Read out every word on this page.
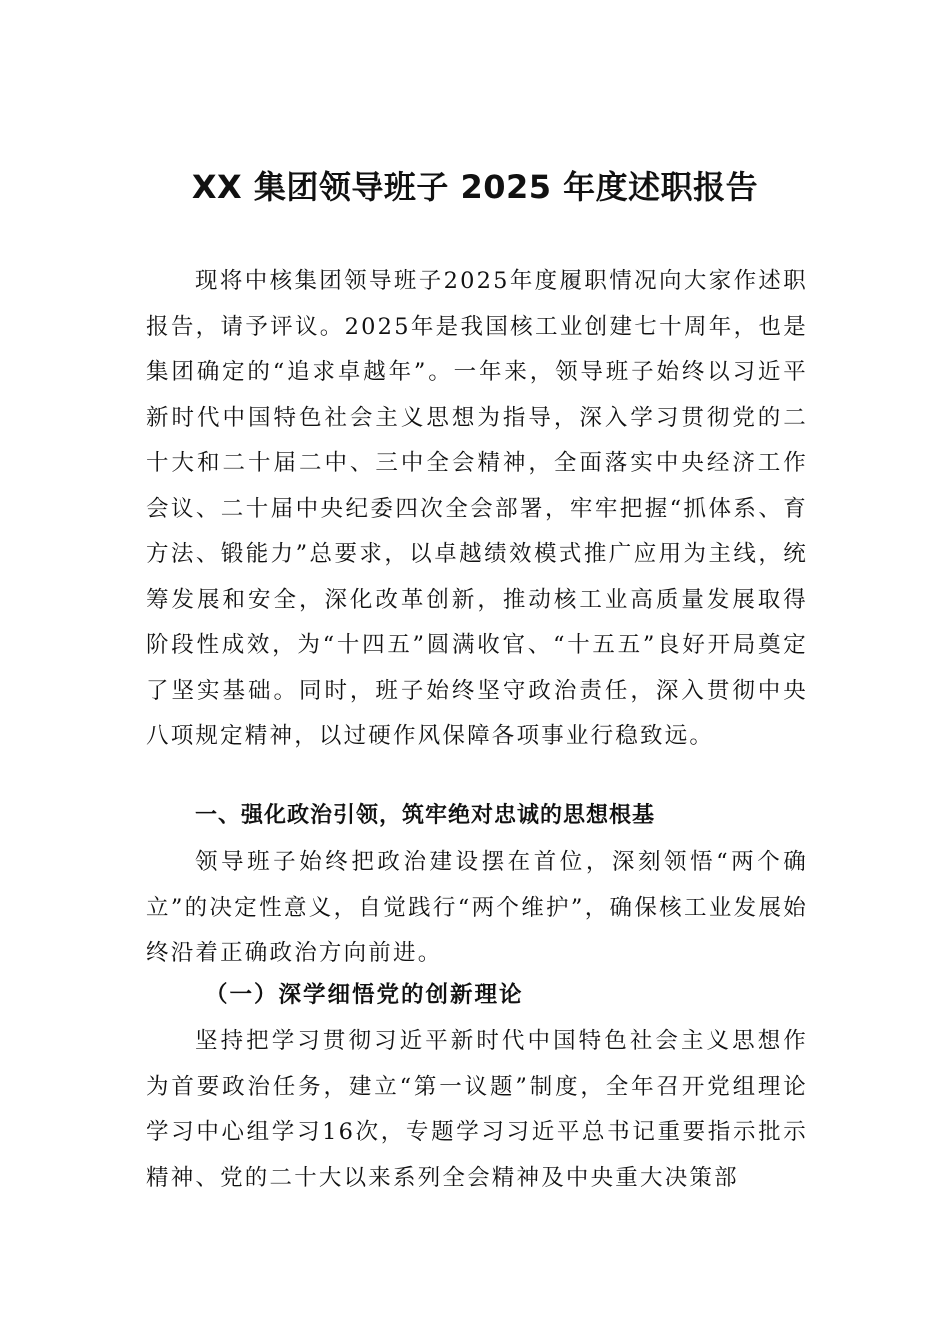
XX 集团领导班子 2025 年度述职报告

现将中核集团领导班子2025年度履职情况向大家作述职报告，请予评议。2025年是我国核工业创建七十周年，也是集团确定的“追求卓越年”。一年来，领导班子始终以习近平新时代中国特色社会主义思想为指导，深入学习贯彻党的二十大和二十届二中、三中全会精神，全面落实中央经济工作会议、二十届中央纪委四次全会部署，牢牢把握“抓体系、育方法、锻能力”总要求，以卓越绩效模式推广应用为主线，统筹发展和安全，深化改革创新，推动核工业高质量发展取得阶段性成效，为“十四五”圆满收官、“十五五”良好开局奠定了坚实基础。同时，班子始终坚守政治责任，深入贯彻中央八项规定精神，以过硬作风保障各项事业行稳致远。

一、强化政治引领，筑牢绝对忠诚的思想根基

领导班子始终把政治建设摆在首位，深刻领悟“两个确立”的决定性意义，自觉践行“两个维护”，确保核工业发展始终沿着正确政治方向前进。

（一）深学细悟党的创新理论

坚持把学习贯彻习近平新时代中国特色社会主义思想作为首要政治任务，建立“第一议题”制度，全年召开党组理论学习中心组学习16次，专题学习习近平总书记重要指示批示精神、党的二十大以来系列全会精神及中央重大决策部
